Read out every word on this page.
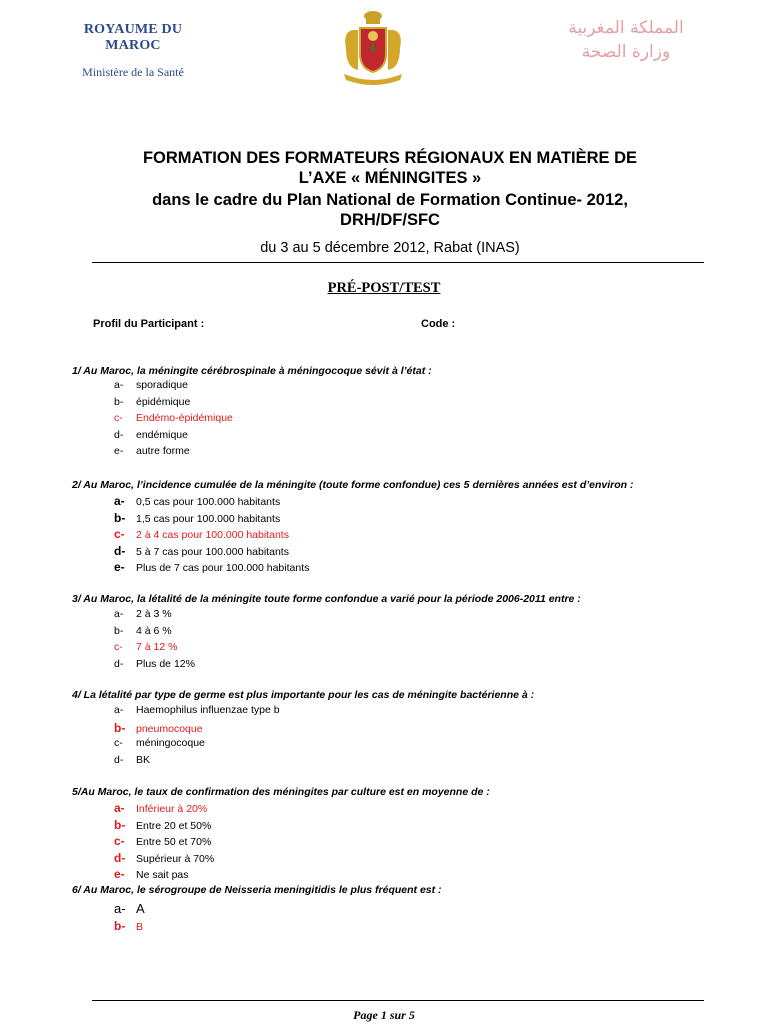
ROYAUME DU MAROC
Ministère de la Santé
المملكة المغربية
وزارة الصحة
FORMATION DES FORMATEURS RÉGIONAUX EN MATIÈRE DE
L’AXE « MÉNINGITES »
dans le cadre du Plan National de Formation Continue- 2012,
DRH/DF/SFC
du 3 au 5 décembre 2012, Rabat (INAS)
PRÉ-POST/TEST
Profil du Participant :	Code :
1/ Au Maroc, la méningite cérébrospinale à méningocoque sévit à l’état :
a- sporadique
b- épidémique
c- Endémo-épidémique
d- endémique
e- autre forme
2/ Au Maroc, l’incidence cumulée de la méningite (toute forme confondue) ces 5 dernières années est d’environ :
a- 0,5 cas pour 100.000 habitants
b- 1,5 cas pour 100.000 habitants
c- 2 à 4 cas pour 100.000 habitants
d- 5 à 7 cas pour 100.000 habitants
e- Plus de 7 cas pour 100.000 habitants
3/ Au Maroc, la létalité de la méningite toute forme confondue a varié pour la période 2006-2011 entre :
a- 2 à 3 %
b- 4 à 6 %
c- 7 à 12 %
d- Plus de 12%
4/ La létalité par type de germe est plus importante pour les cas de méningite bactérienne à :
a- Haemophilus influenzae type b
b- pneumocoque
c- méningocoque
d- BK
5/Au Maroc, le taux de confirmation des méningites par culture est en moyenne de :
a- Inférieur à 20%
b- Entre 20 et 50%
c- Entre 50 et 70%
d- Supérieur à 70%
e- Ne sait pas
6/ Au Maroc, le sérogroupe de Neisseria meningitidis le plus fréquent est :
a- A
b- B
Page 1 sur 5
